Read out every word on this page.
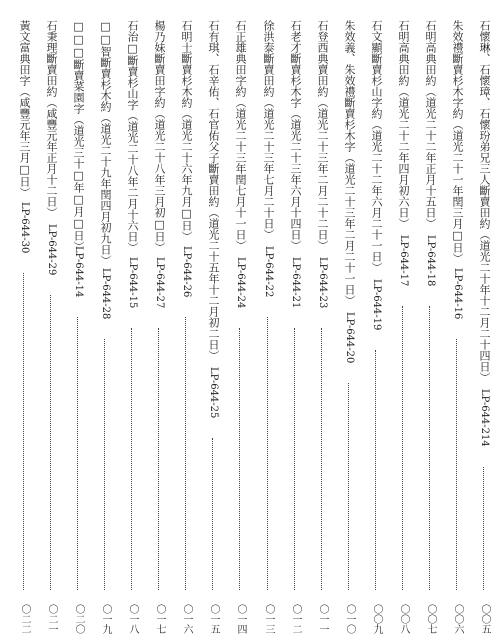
石懷琳、石懷璋、石懷玢弟兄三人斷賣田約（道光二十年十二月二十四日）
LP-644-214
〇〇五
朱效禮斷賣杉木字約（道光二十一年閏三月□日）
LP-644-16
〇〇六
石明高典田約（道光二十二年正月十五日）
LP-644-18
〇〇七
石明高典田約（道光二十二年四月初六日）
LP-644-17
〇〇八
石文顯斷賣杉山字約（道光二十二年六月二十一日）
LP-644-19
〇〇九
朱效義、朱效禮斷賣杉木字（道光二十三年二月二十一日）
LP-644-20
〇一〇
石登西典賣田約（道光二十三年二月二十二日）
LP-644-23
〇一一
石老才斷賣杉木字（道光二十三年六月十四日）
LP-644-21
〇一二
徐洪泰斷賣田約（道光二十三年七月二十日）
LP-644-22
〇一三
石正雄典田字約（道光二十三年閏七月十一日）
LP-644-24
〇一四
石有琪、石辛佑、石官佑父子斷賣田約（道光二十五年十二月初二日）
LP-644-25
〇一五
石明士斷賣杉木約（道光二十六年九月□日）
LP-644-26
〇一六
楊乃妹斷賣田字約（道光二十八年三月初□日）
LP-644-27
〇一七
石治□斷賣杉山字（道光二十八年二月十六日）
LP-644-15
〇一八
□□智斷賣杉木約（道光二十九年閏四月初九日）
LP-644-28
〇一九
□□□斷賣菜園字（道光三十□年□月□日）
LP-644-14
〇二〇
石秉理斷賣田約（咸豐元年正月十二日）
LP-644-29
〇二一
黃文富典田字（咸豐元年三月□日）
LP-644-30
〇二二
